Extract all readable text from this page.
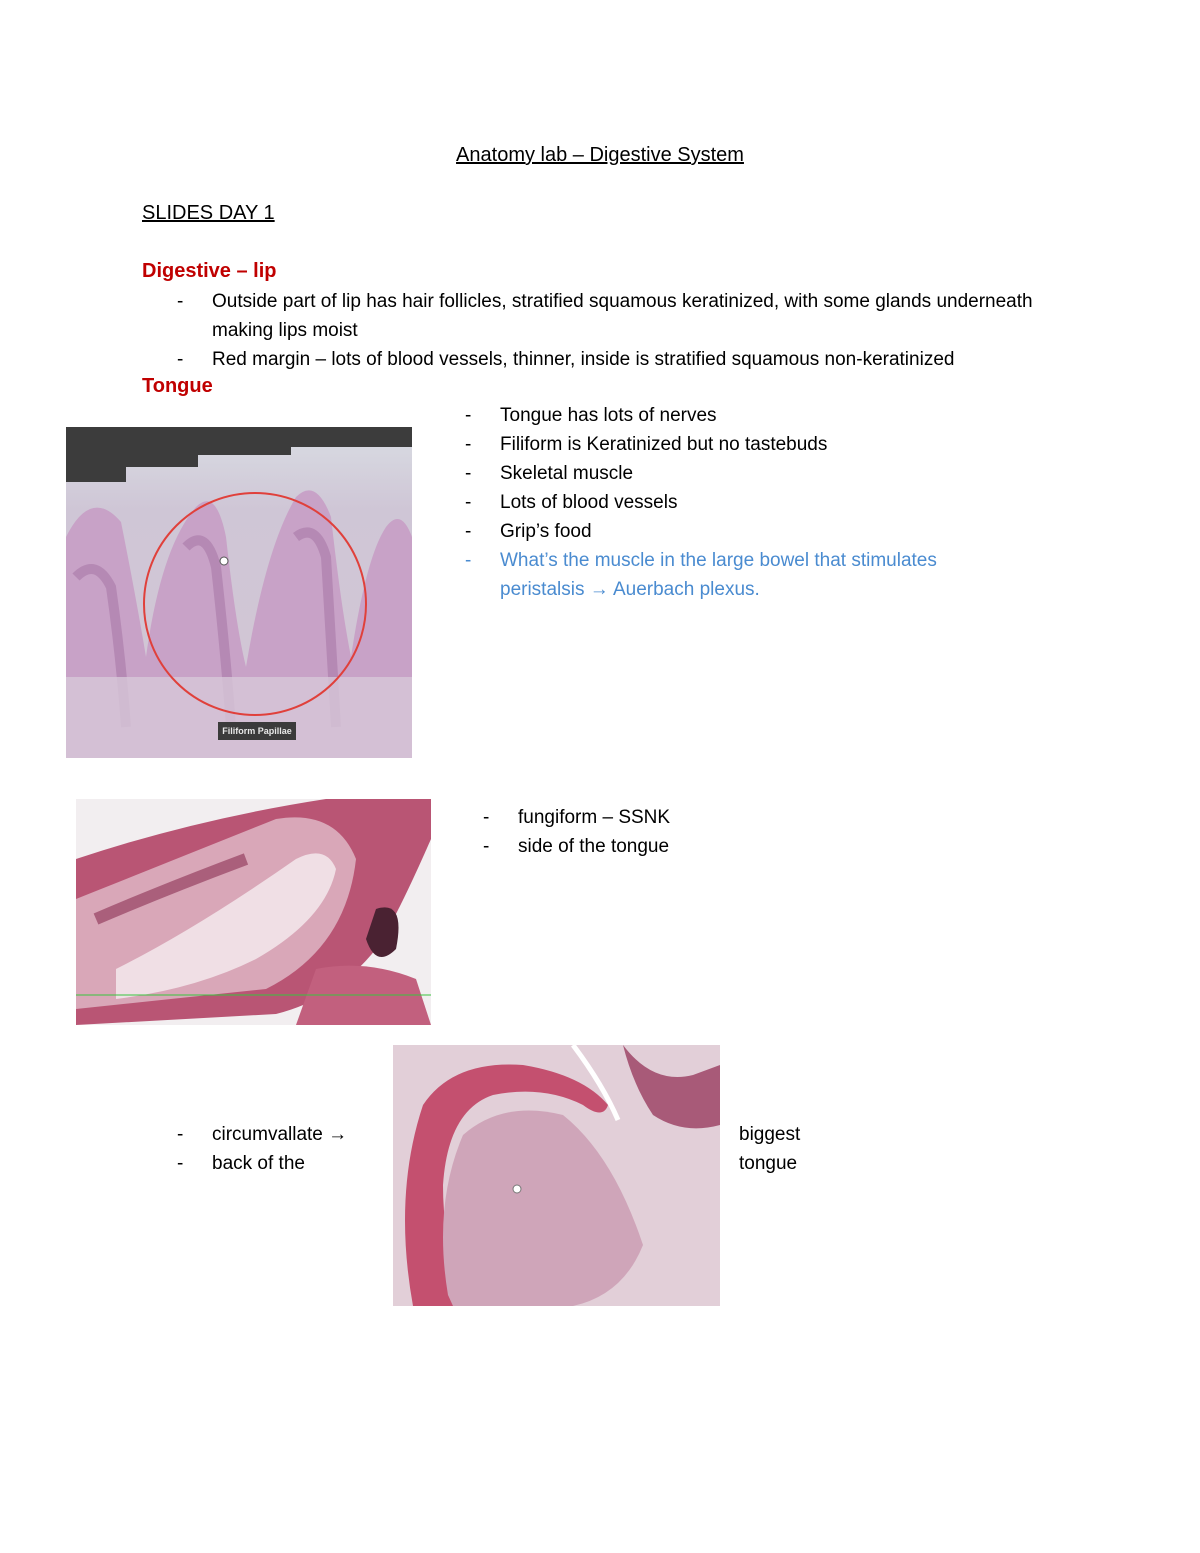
Anatomy lab – Digestive System
SLIDES DAY 1
Digestive – lip
- Outside part of lip has hair follicles, stratified squamous keratinized, with some glands underneath making lips moist
- Red margin – lots of blood vessels, thinner, inside is stratified squamous non-keratinized
Tongue
- Tongue has lots of nerves
- Filiform is Keratinized but no tastebuds
- Skeletal muscle
- Lots of blood vessels
- Grip’s food
- What’s the muscle in the large bowel that stimulates
peristalsis → Auerbach plexus.
Filiform Papillae
- fungiform – SSNK
- side of the tongue
- circumvallate →
- back of the
biggest
tongue
